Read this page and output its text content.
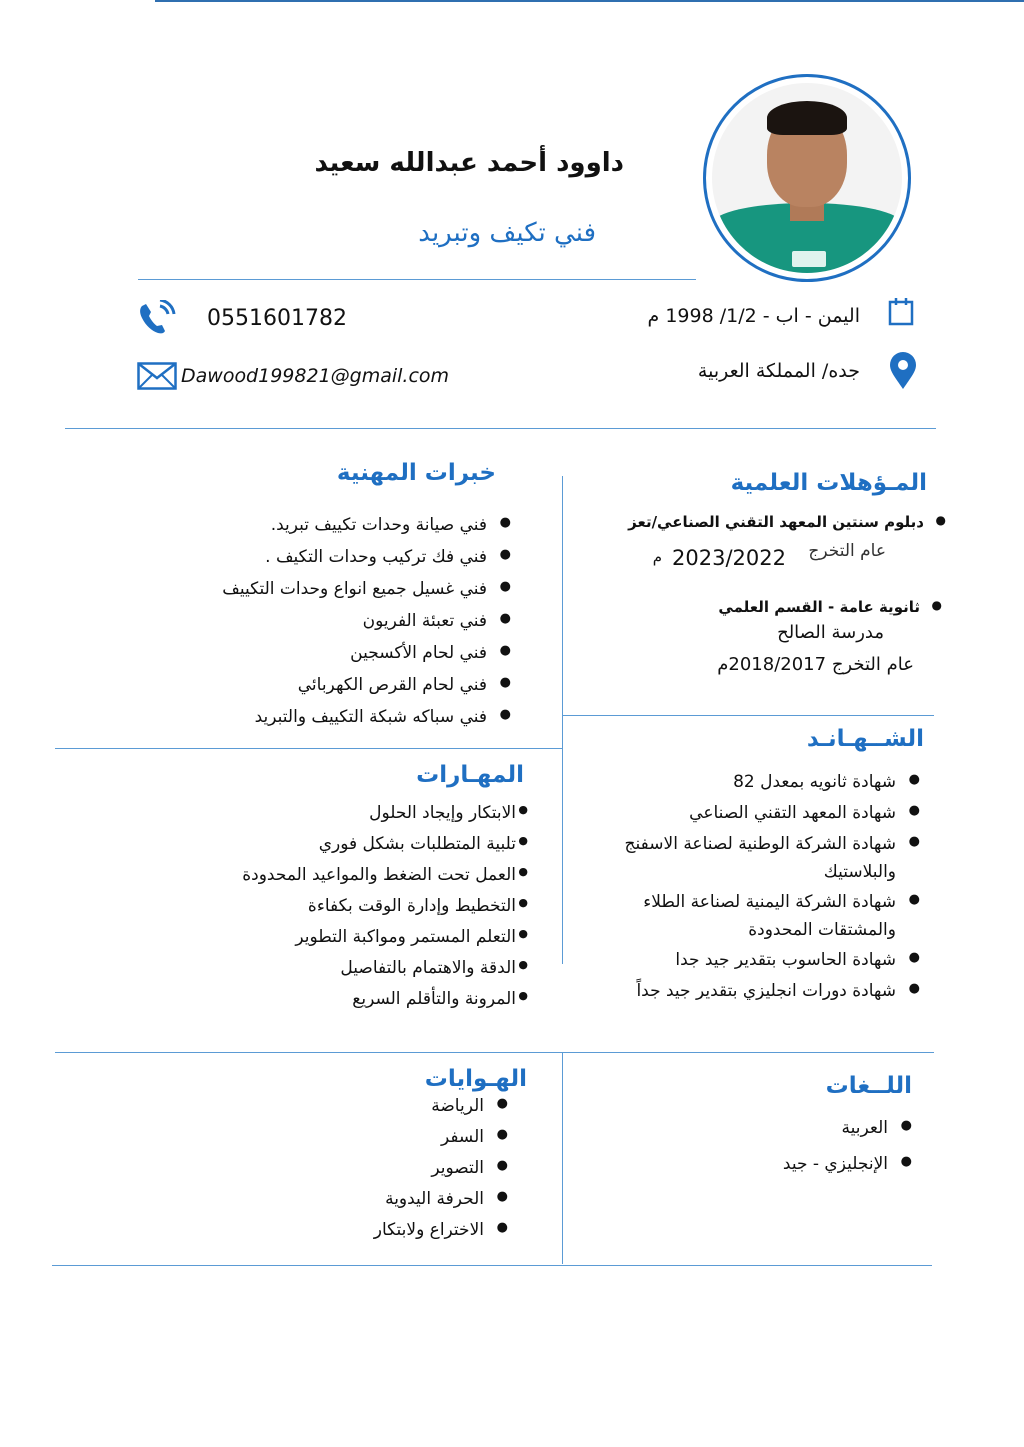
داوود أحمد عبدالله سعيد
فني تكيف وتبريد
اليمن - اب - 1/2/ 1998 م
0551601782
جده/ المملكة العربية
Dawood199821@gmail.com
المـؤهلات العلمية
●
دبلوم سنتين المعهد التقني الصناعي/تعز
عام التخرج
2023/2022
م
●
ثانوية عامة - القسم العلمي
مدرسة الصالح
عام التخرج 2018/2017م
الشــهـانـد
●
شهادة ثانويه بمعدل 82
●
شهادة المعهد التقني الصناعي
●
شهادة الشركة الوطنية لصناعة الاسفنج
والبلاستيك
●
شهادة الشركة اليمنية لصناعة الطلاء
والمشتقات المحدودة
●
شهادة الحاسوب بتقدير جيد جدا
●
شهادة دورات انجليزي بتقدير جيد جداً
اللــغات
●
العربية
●
الإنجليزي - جيد
خبرات المهنية
●
فني صيانة وحدات تكييف تبريد.
●
فني فك تركيب وحدات التكيف .
●
فني غسيل جميع انواع وحدات التكييف
●
فني تعبئة الفريون
●
فني لحام الأكسجين
●
فني لحام القرص الكهربائي
●
فني سباكه شبكة التكييف والتبريد
المهـارات
●
الابتكار وإيجاد الحلول
●
تلبية المتطلبات بشكل فوري
●
العمل تحت الضغط والمواعيد المحدودة
●
التخطيط وإدارة الوقت بكفاءة
●
التعلم المستمر ومواكبة التطوير
●
الدقة والاهتمام بالتفاصيل
●
المرونة والتأقلم السريع
الهـوايات
●
الرياضة
●
السفر
●
التصوير
●
الحرفة اليدوية
●
الاختراع ولابتكار
